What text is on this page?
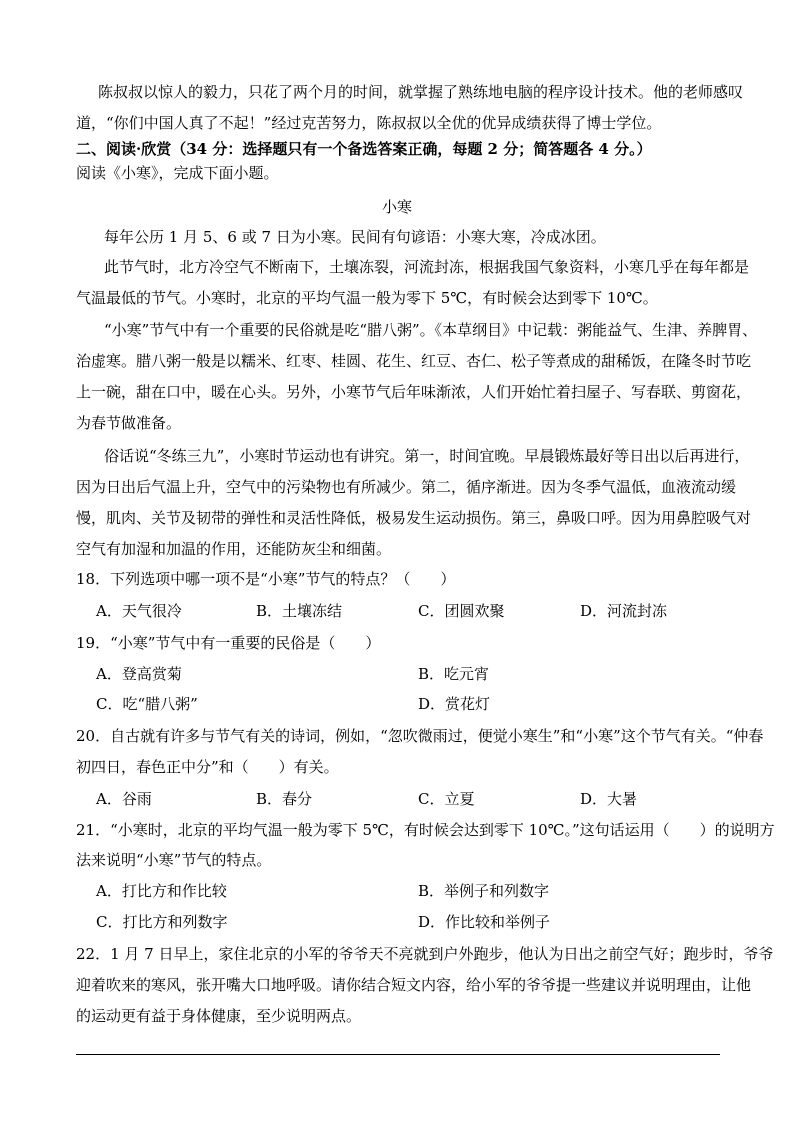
陈叔叔以惊人的毅力，只花了两个月的时间，就掌握了熟练地电脑的程序设计技术。他的老师感叹
道，“你们中国人真了不起！”经过克苦努力，陈叔叔以全优的优异成绩获得了博士学位。
二、阅读·欣赏（34 分：选择题只有一个备选答案正确，每题 2 分；简答题各 4 分。）
阅读《小寒》，完成下面小题。
小寒
每年公历 1 月 5、6 或 7 日为小寒。民间有句谚语：小寒大寒，冷成冰团。
此节气时，北方冷空气不断南下，土壤冻裂，河流封冻，根据我国气象资料，小寒几乎在每年都是
气温最低的节气。小寒时，北京的平均气温一般为零下 5℃，有时候会达到零下 10℃。
“小寒”节气中有一个重要的民俗就是吃“腊八粥”。《本草纲目》中记载：粥能益气、生津、养脾胃、
治虚寒。腊八粥一般是以糯米、红枣、桂圆、花生、红豆、杏仁、松子等煮成的甜稀饭，在隆冬时节吃
上一碗，甜在口中，暖在心头。另外，小寒节气后年味渐浓，人们开始忙着扫屋子、写春联、剪窗花，
为春节做准备。
俗话说“冬练三九”，小寒时节运动也有讲究。第一，时间宜晚。早晨锻炼最好等日出以后再进行，
因为日出后气温上升，空气中的污染物也有所减少。第二，循序渐进。因为冬季气温低，血液流动缓
慢，肌肉、关节及韧带的弹性和灵活性降低，极易发生运动损伤。第三，鼻吸口呼。因为用鼻腔吸气对
空气有加湿和加温的作用，还能防灰尘和细菌。
18．下列选项中哪一项不是“小寒”节气的特点？（　　）
A．天气很冷	B．土壤冻结	C．团圆欢聚	D．河流封冻
19．“小寒”节气中有一重要的民俗是（　　）
A．登高赏菊	B．吃元宵
C．吃“腊八粥”	D．赏花灯
20．自古就有许多与节气有关的诗词，例如，“忽吹微雨过，便觉小寒生”和“小寒”这个节气有关。“仲春
初四日，春色正中分”和（　　）有关。
A．谷雨	B．春分	C．立夏	D．大暑
21．“小寒时，北京的平均气温一般为零下 5℃，有时候会达到零下 10℃。”这句话运用（　　）的说明方
法来说明“小寒”节气的特点。
A．打比方和作比较	B．举例子和列数字
C．打比方和列数字	D．作比较和举例子
22．1 月 7 日早上，家住北京的小军的爷爷天不亮就到户外跑步，他认为日出之前空气好；跑步时，爷爷
迎着吹来的寒风，张开嘴大口地呼吸。请你结合短文内容，给小军的爷爷提一些建议并说明理由，让他
的运动更有益于身体健康，至少说明两点。
